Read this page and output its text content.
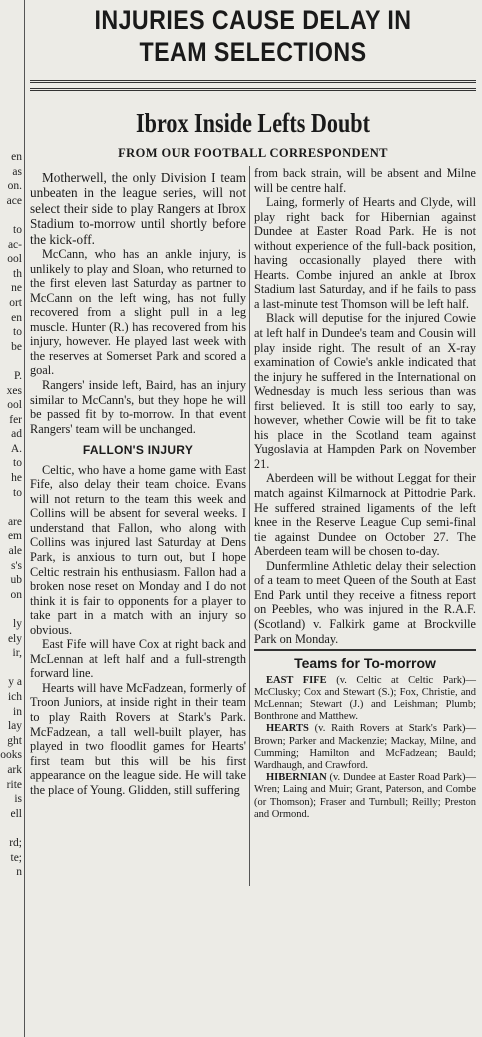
en
as
on.
ace

to
ac-
ool
th
ne
ort
en
to
be

P.
xes
ool
fer
ad
A.
to
he
to

are
em
ale
s's
ub
on

ly
ely
ir,

y a
ich
in
lay
ght
ooks
ark
rite
is
ell

rd;
te;
n
INJURIES CAUSE DELAY IN
TEAM SELECTIONS
Ibrox Inside Lefts Doubt

FROM OUR FOOTBALL CORRESPONDENT

Motherwell, the only Division I team unbeaten in the league series, will not select their side to play Rangers at Ibrox Stadium to-morrow until shortly before the kick-off.

McCann, who has an ankle injury, is unlikely to play and Sloan, who returned to the first eleven last Saturday as partner to McCann on the left wing, has not fully recovered from a slight pull in a leg muscle. Hunter (R.) has recovered from his injury, however. He played last week with the reserves at Somerset Park and scored a goal.

Rangers' inside left, Baird, has an injury similar to McCann's, but they hope he will be passed fit by to-morrow. In that event Rangers' team will be unchanged.

FALLON'S INJURY

Celtic, who have a home game with East Fife, also delay their team choice. Evans will not return to the team this week and Collins will be absent for several weeks. I understand that Fallon, who along with Collins was injured last Saturday at Dens Park, is anxious to turn out, but I hope Celtic restrain his enthusiasm. Fallon had a broken nose reset on Monday and I do not think it is fair to opponents for a player to take part in a match with an injury so obvious.

East Fife will have Cox at right back and McLennan at left half and a full-strength forward line.

Hearts will have McFadzean, formerly of Troon Juniors, at inside right in their team to play Raith Rovers at Stark's Park. McFadzean, a tall well-built player, has played in two floodlit games for Hearts' first team but this will be his first appearance on the league side. He will take the place of Young. Glidden, still suffering

from back strain, will be absent and Milne will be centre half.

Laing, formerly of Hearts and Clyde, will play right back for Hibernian against Dundee at Easter Road Park. He is not without experience of the full-back position, having occasionally played there with Hearts. Combe injured an ankle at Ibrox Stadium last Saturday, and if he fails to pass a last-minute test Thomson will be left half.

Black will deputise for the injured Cowie at left half in Dundee's team and Cousin will play inside right. The result of an X-ray examination of Cowie's ankle indicated that the injury he suffered in the International on Wednesday is much less serious than was first believed. It is still too early to say, however, whether Cowie will be fit to take his place in the Scotland team against Yugoslavia at Hampden Park on November 21.

Aberdeen will be without Leggat for their match against Kilmarnock at Pittodrie Park. He suffered strained ligaments of the left knee in the Reserve League Cup semi-final tie against Dundee on October 27. The Aberdeen team will be chosen to-day.

Dunfermline Athletic delay their selection of a team to meet Queen of the South at East End Park until they receive a fitness report on Peebles, who was injured in the R.A.F. (Scotland) v. Falkirk game at Brockville Park on Monday.

Teams for To-morrow

EAST FIFE (v. Celtic at Celtic Park)—McClusky; Cox and Stewart (S.); Fox, Christie, and McLennan; Stewart (J.) and Leishman; Plumb; Bonthrone and Matthew.

HEARTS (v. Raith Rovers at Stark's Park)—Brown; Parker and Mackenzie; Mackay, Milne, and Cumming; Hamilton and McFadzean; Bauld; Wardhaugh, and Crawford.

HIBERNIAN (v. Dundee at Easter Road Park)—Wren; Laing and Muir; Grant, Paterson, and Combe (or Thomson); Fraser and Turnbull; Reilly; Preston and Ormond.
